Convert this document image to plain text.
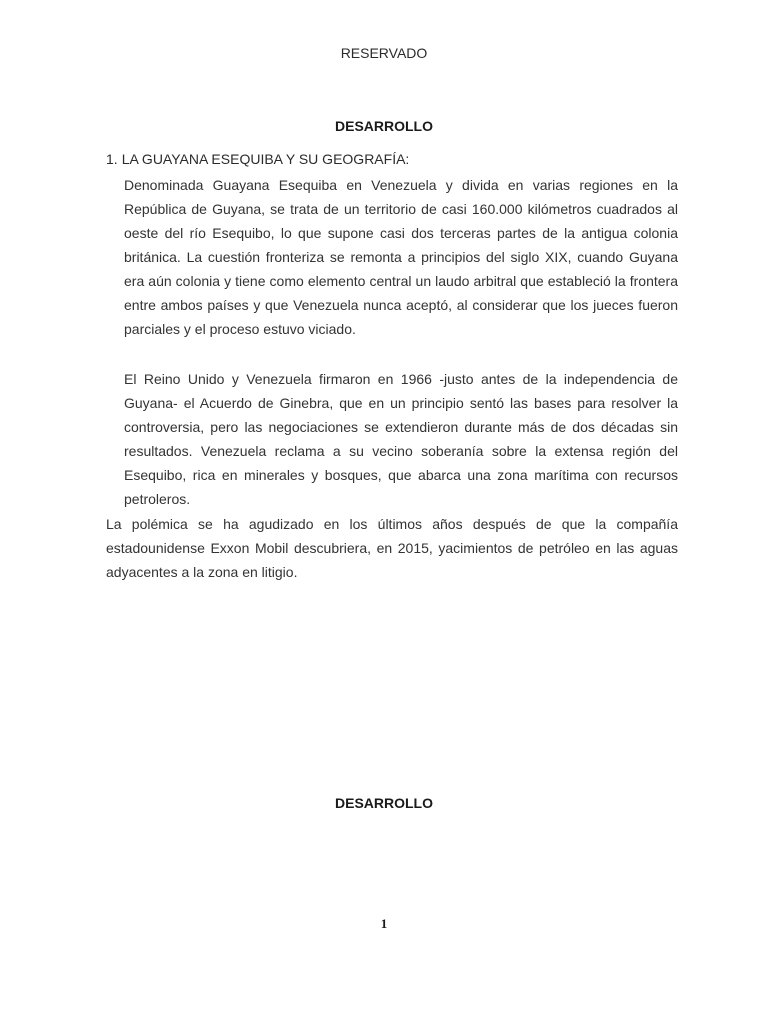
RESERVADO
DESARROLLO
1. LA GUAYANA ESEQUIBA Y SU GEOGRAFÍA:

Denominada Guayana Esequiba en Venezuela y divida en varias regiones en la República de Guyana, se trata de un territorio de casi 160.000 kilómetros cuadrados al oeste del río Esequibo, lo que supone casi dos terceras partes de la antigua colonia británica. La cuestión fronteriza se remonta a principios del siglo XIX, cuando Guyana era aún colonia y tiene como elemento central un laudo arbitral que estableció la frontera entre ambos países y que Venezuela nunca aceptó, al considerar que los jueces fueron parciales y el proceso estuvo viciado.

El Reino Unido y Venezuela firmaron en 1966 -justo antes de la independencia de Guyana- el Acuerdo de Ginebra, que en un principio sentó las bases para resolver la controversia, pero las negociaciones se extendieron durante más de dos décadas sin resultados. Venezuela reclama a su vecino soberanía sobre la extensa región del Esequibo, rica en minerales y bosques, que abarca una zona marítima con recursos petroleros.

La polémica se ha agudizado en los últimos años después de que la compañía estadounidense Exxon Mobil descubriera, en 2015, yacimientos de petróleo en las aguas adyacentes a la zona en litigio.

DESARROLLO
1
